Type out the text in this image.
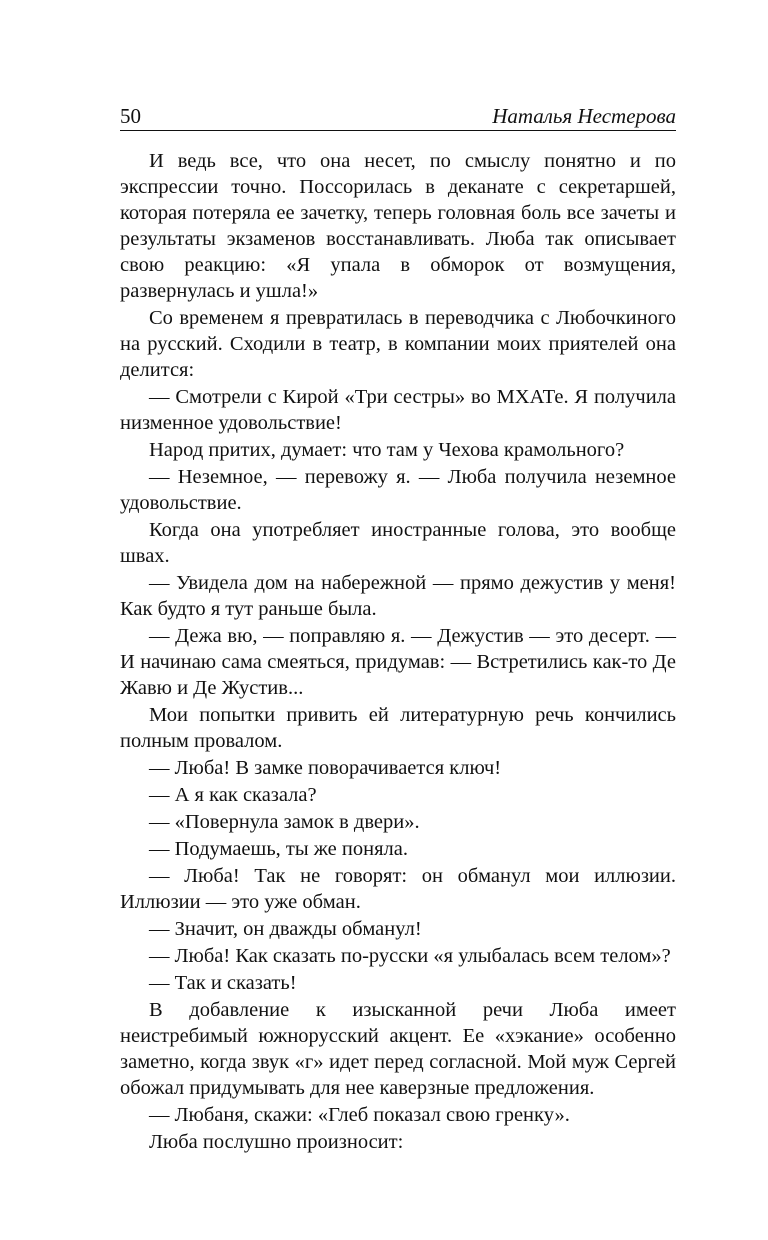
50	Наталья Нестерова

И ведь все, что она несет, по смыслу понятно и по экспрессии точно. Поссорилась в деканате с секретаршей, которая потеряла ее зачетку, теперь головная боль все зачеты и результаты экзаменов восстанавливать. Люба так описывает свою реакцию: «Я упала в обморок от возмущения, развернулась и ушла!»

Со временем я превратилась в переводчика с Любочкиного на русский. Сходили в театр, в компании моих приятелей она делится:

— Смотрели с Кирой «Три сестры» во МХАТе. Я получила низменное удовольствие!

Народ притих, думает: что там у Чехова крамольного?

— Неземное, — перевожу я. — Люба получила неземное удовольствие.

Когда она употребляет иностранные голова, это вообще швах.

— Увидела дом на набережной — прямо дежустив у меня! Как будто я тут раньше была.

— Дежа вю, — поправляю я. — Дежустив — это десерт. — И начинаю сама смеяться, придумав: — Встретились как-то Де Жавю и Де Жустив...

Мои попытки привить ей литературную речь кончились полным провалом.

— Люба! В замке поворачивается ключ!

— А я как сказала?

— «Повернула замок в двери».

— Подумаешь, ты же поняла.

— Люба! Так не говорят: он обманул мои иллюзии. Иллюзии — это уже обман.

— Значит, он дважды обманул!

— Люба! Как сказать по-русски «я улыбалась всем телом»?

— Так и сказать!

В добавление к изысканной речи Люба имеет неистребимый южнорусский акцент. Ее «хэкание» особенно заметно, когда звук «г» идет перед согласной. Мой муж Сергей обожал придумывать для нее каверзные предложения.

— Любаня, скажи: «Глеб показал свою гренку».

Люба послушно произносит:
